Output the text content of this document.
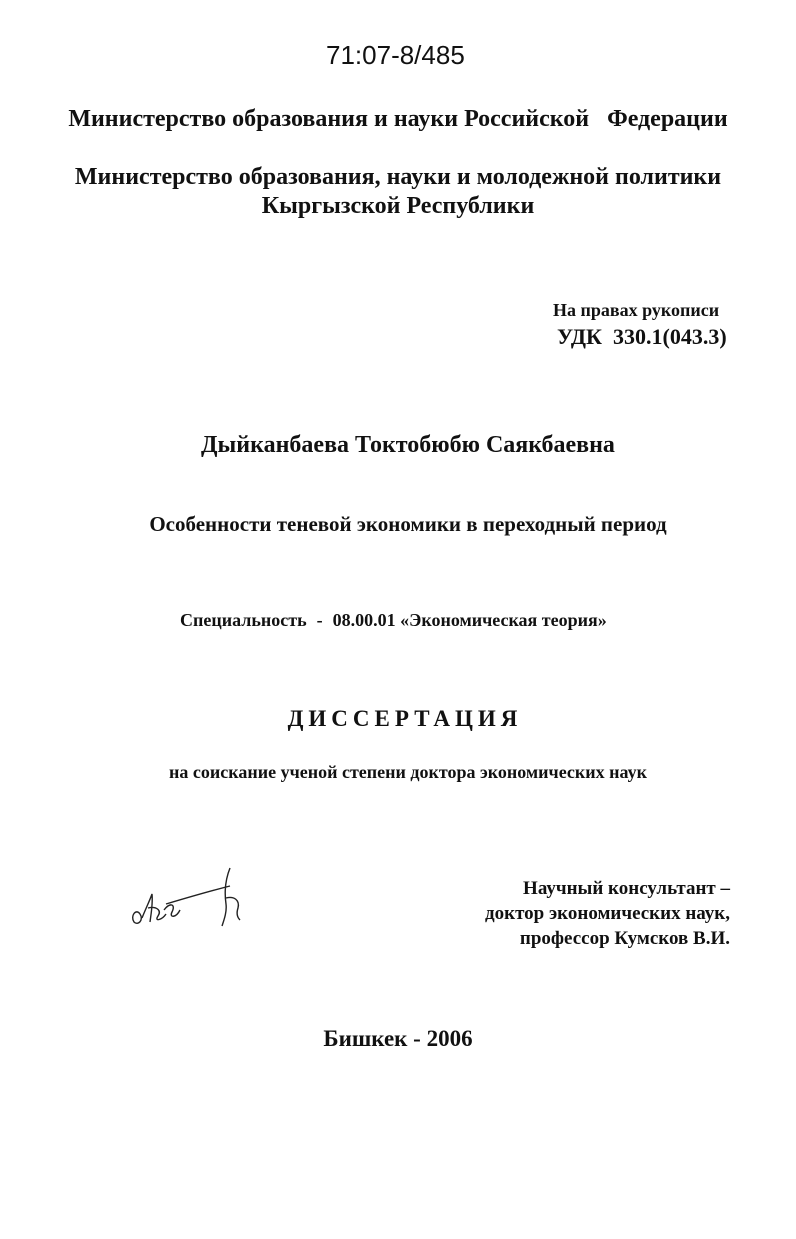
71:07-8/485
Министерство образования и науки Российской   Федерации
Министерство образования, науки и молодежной политики
Кыргызской Республики
На правах рукописи
УДК  330.1(043.3)
Дыйканбаева Токтобюбю Саякбаевна
Особенности теневой экономики в переходный период
Специальность - 08.00.01 «Экономическая теория»
ДИССЕРТАЦИЯ
на соискание ученой степени доктора экономических наук
Научный консультант –
доктор экономических наук,
профессор Кумсков В.И.
Бишкек - 2006
